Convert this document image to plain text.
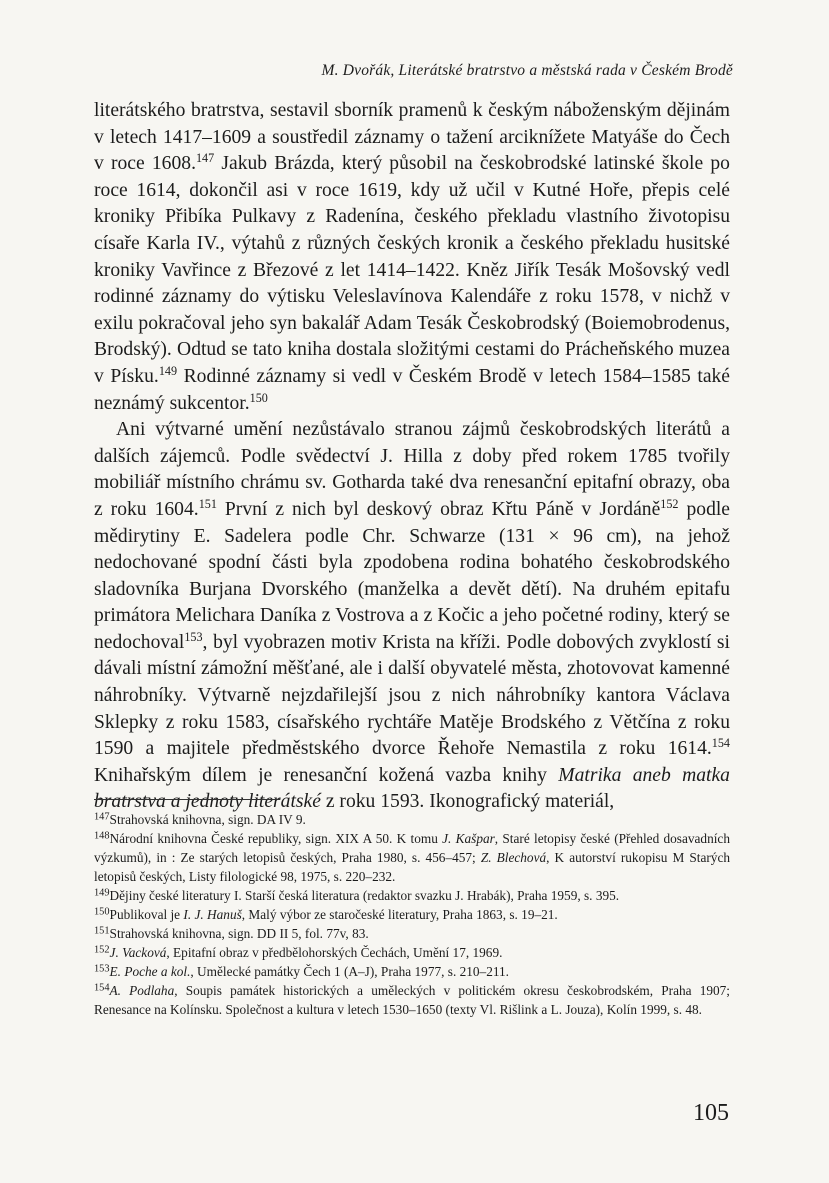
M. Dvořák, Literátské bratrstvo a městská rada v Českém Brodě

literátského bratrstva, sestavil sborník pramenů k českým náboženským dějinám v letech 1417–1609 a soustředil záznamy o tažení arciknížete Matyáše do Čech v roce 1608.$^{147}$ Jakub Brázda, který působil na českobrodské latinské škole po roce 1614, dokončil asi v roce 1619, kdy už učil v Kutné Hoře, přepis celé kroniky Přibíka Pulkavy z Radenína, českého překladu vlastního životopisu císaře Karla IV., výtahů z různých českých kronik a českého překladu husitské kroniky Vavřince z Březové z let 1414–1422. Kněz Jiřík Tesák Mošovský vedl rodinné záznamy do výtisku Veleslavínova Kalendáře z roku 1578, v nichž v exilu pokračoval jeho syn bakalář Adam Tesák Českobrodský (Boiemobrodenus, Brodský). Odtud se tato kniha dostala složitými cestami do Prácheňského muzea v Písku.$^{149}$ Rodinné záznamy si vedl v Českém Brodě v letech 1584–1585 také neznámý sukcentor.$^{150}$

Ani výtvarné umění nezůstávalo stranou zájmů českobrodských literátů a dalších zájemců. Podle svědectví J. Hilla z doby před rokem 1785 tvořily mobiliář místního chrámu sv. Gotharda také dva renesanční epitafní obrazy, oba z roku 1604.$^{151}$ První z nich byl deskový obraz Křtu Páně v Jordáně$^{152}$ podle mědirytiny E. Sadelera podle Chr. Schwarze (131 × 96 cm), na jehož nedochované spodní části byla zpodobena rodina bohatého českobrodského sladovníka Burjana Dvorského (manželka a devět dětí). Na druhém epitafu primátora Melichara Daníka z Vostrova a z Kočic a jeho početné rodiny, který se nedochoval$^{153}$, byl vyobrazen motiv Krista na kříži. Podle dobových zvyklostí si dávali místní zámožní měšťané, ale i další obyvatelé města, zhotovovat kamenné náhrobníky. Výtvarně nejzdařilejší jsou z nich náhrobníky kantora Václava Sklepky z roku 1583, císařského rychtáře Matěje Brodského z Větčína z roku 1590 a majitele předměstského dvorce Řehoře Nemastila z roku 1614.$^{154}$ Knihařským dílem je renesanční kožená vazba knihy Matrika aneb matka bratrstva a jednoty literátské z roku 1593. Ikonografický materiál,

$^{147}$Strahovská knihovna, sign. DA IV 9.

$^{148}$Národní knihovna České republiky, sign. XIX A 50. K tomu J. Kašpar, Staré letopisy české (Přehled dosavadních výzkumů), in : Ze starých letopisů českých, Praha 1980, s. 456–457; Z. Blechová, K autorství rukopisu M Starých letopisů českých, Listy filologické 98, 1975, s. 220–232.

$^{149}$Dějiny české literatury I. Starší česká literatura (redaktor svazku J. Hrabák), Praha 1959, s. 395.

$^{150}$Publikoval je I. J. Hanuš, Malý výbor ze staročeské literatury, Praha 1863, s. 19–21.

$^{151}$Strahovská knihovna, sign. DD II 5, fol. 77v, 83.

$^{152}$J. Vacková, Epitafní obraz v předbělohorských Čechách, Umění 17, 1969.

$^{153}$E. Poche a kol., Umělecké památky Čech 1 (A–J), Praha 1977, s. 210–211.

$^{154}$A. Podlaha, Soupis památek historických a uměleckých v politickém okresu českobrodském, Praha 1907; Renesance na Kolínsku. Společnost a kultura v letech 1530–1650 (texty Vl. Rišlink a L. Jouza), Kolín 1999, s. 48.

105
